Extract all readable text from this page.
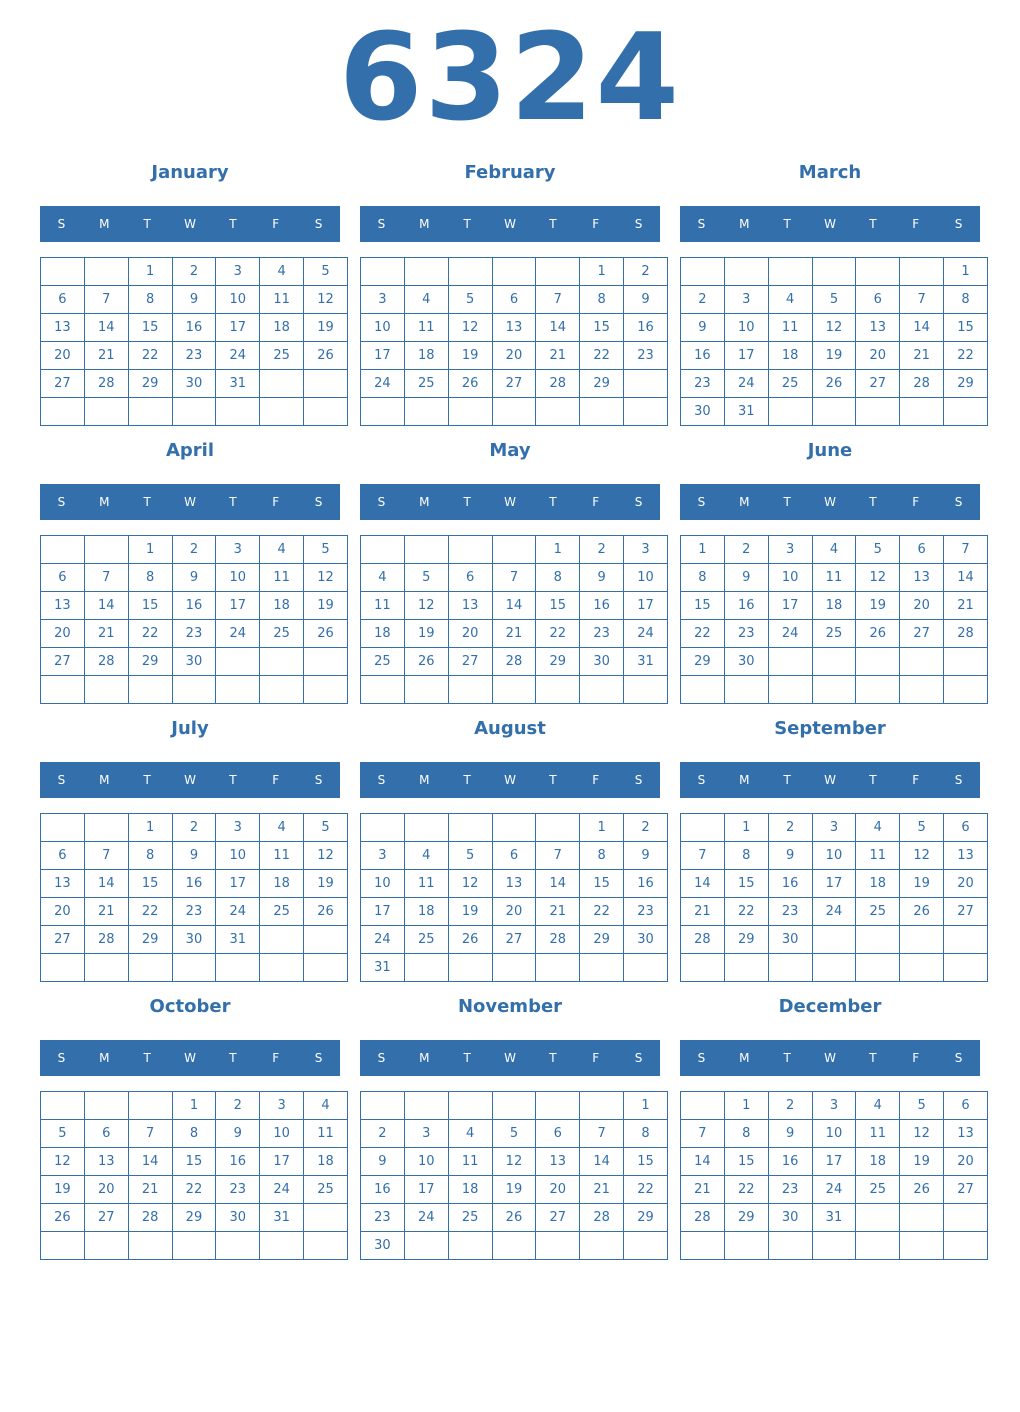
6324
January
S	M	T	W	T	F	S
		1	2	3	4	5
6	7	8	9	10	11	12
13	14	15	16	17	18	19
20	21	22	23	24	25	26
27	28	29	30	31		

February
S	M	T	W	T	F	S
					1	2
3	4	5	6	7	8	9
10	11	12	13	14	15	16
17	18	19	20	21	22	23
24	25	26	27	28	29	

March
S	M	T	W	T	F	S
						1
2	3	4	5	6	7	8
9	10	11	12	13	14	15
16	17	18	19	20	21	22
23	24	25	26	27	28	29
30	31					
April
S	M	T	W	T	F	S
		1	2	3	4	5
6	7	8	9	10	11	12
13	14	15	16	17	18	19
20	21	22	23	24	25	26
27	28	29	30			

May
S	M	T	W	T	F	S
				1	2	3
4	5	6	7	8	9	10
11	12	13	14	15	16	17
18	19	20	21	22	23	24
25	26	27	28	29	30	31

June
S	M	T	W	T	F	S
1	2	3	4	5	6	7
8	9	10	11	12	13	14
15	16	17	18	19	20	21
22	23	24	25	26	27	28
29	30					

July
S	M	T	W	T	F	S
		1	2	3	4	5
6	7	8	9	10	11	12
13	14	15	16	17	18	19
20	21	22	23	24	25	26
27	28	29	30	31		

August
S	M	T	W	T	F	S
					1	2
3	4	5	6	7	8	9
10	11	12	13	14	15	16
17	18	19	20	21	22	23
24	25	26	27	28	29	30
31						
September
S	M	T	W	T	F	S
	1	2	3	4	5	6
7	8	9	10	11	12	13
14	15	16	17	18	19	20
21	22	23	24	25	26	27
28	29	30				

October
S	M	T	W	T	F	S
			1	2	3	4
5	6	7	8	9	10	11
12	13	14	15	16	17	18
19	20	21	22	23	24	25
26	27	28	29	30	31	

November
S	M	T	W	T	F	S
						1
2	3	4	5	6	7	8
9	10	11	12	13	14	15
16	17	18	19	20	21	22
23	24	25	26	27	28	29
30						
December
S	M	T	W	T	F	S
	1	2	3	4	5	6
7	8	9	10	11	12	13
14	15	16	17	18	19	20
21	22	23	24	25	26	27
28	29	30	31			
